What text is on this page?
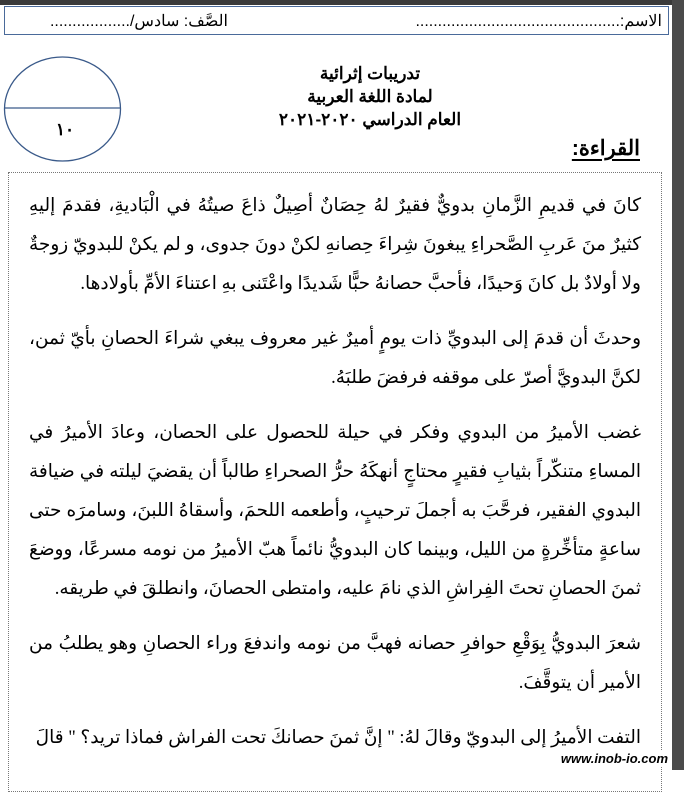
الاسم:..............................................
الصَّف: سادس/..................
١٠
تدريبات إثرائية
لمادة اللغة العربية
العام الدراسي ٢٠٢٠-٢٠٢١
القراءة:

كانَ في قديمِ الزَّمانِ بدويٌّ فقيرٌ لهُ حِصَانٌ أصِيلٌ ذاعَ صيتُهُ في الْبَاديةِ، فقدمَ إليهِ كثيرٌ منَ عَربِ الصَّحراءِ يبغونَ شِراءَ حِصانهِ لكنْ دونَ جدوى، و لم يكنْ للبدويّ زوجةٌ ولا أولادٌ بل كانَ وَحيدًا، فأحبَّ حصانهُ حبًّا شَديدًا واعْتَنى بهِ اعتناءَ الأمِّ بأولادها.

وحدثَ أن قدمَ إلى البدويِّ ذات يومٍ أميرٌ غير معروف يبغي شراءَ الحصانِ بأيّ ثمن، لكنَّ البدويَّ أصرّ على موقفه فرفضَ طلبَهُ.

غضب الأميرُ من البدوي وفكر في حيلة للحصول على الحصان، وعادَ الأميرُ في المساءِ متنكّراً بثيابِ فقيرٍ محتاجٍ أنهكَهُ حرُّ الصحراءِ طالباً أن يقضيَ ليلته في ضيافة البدوي الفقير، فرحَّبَ به أجملَ ترحيبٍ، وأطعمه اللحمَ، وأسقاهُ اللبنَ، وسامرَه حتى ساعةٍ متأخِّرةٍ من الليل، وبينما كان البدويُّ نائماً هبّ الأميرُ من نومه مسرعًا، ووضعَ ثمنَ الحصانِ تحتَ الفِراشِ الذي نامَ عليه، وامتطى الحصانَ، وانطلقَ في طريقه.

شعرَ البدويُّ بِوَقْعِ حوافرِ حصانه فهبَّ من نومه واندفعَ وراء الحصانِ وهو يطلبُ من الأمير أن يتوقَّفَ.

التفت الأميرُ إلى البدويّ وقالَ لهُ: " إنَّ ثمنَ حصانكَ تحت الفراش فماذا تريد؟ " قالَ

www.inob-io.com
